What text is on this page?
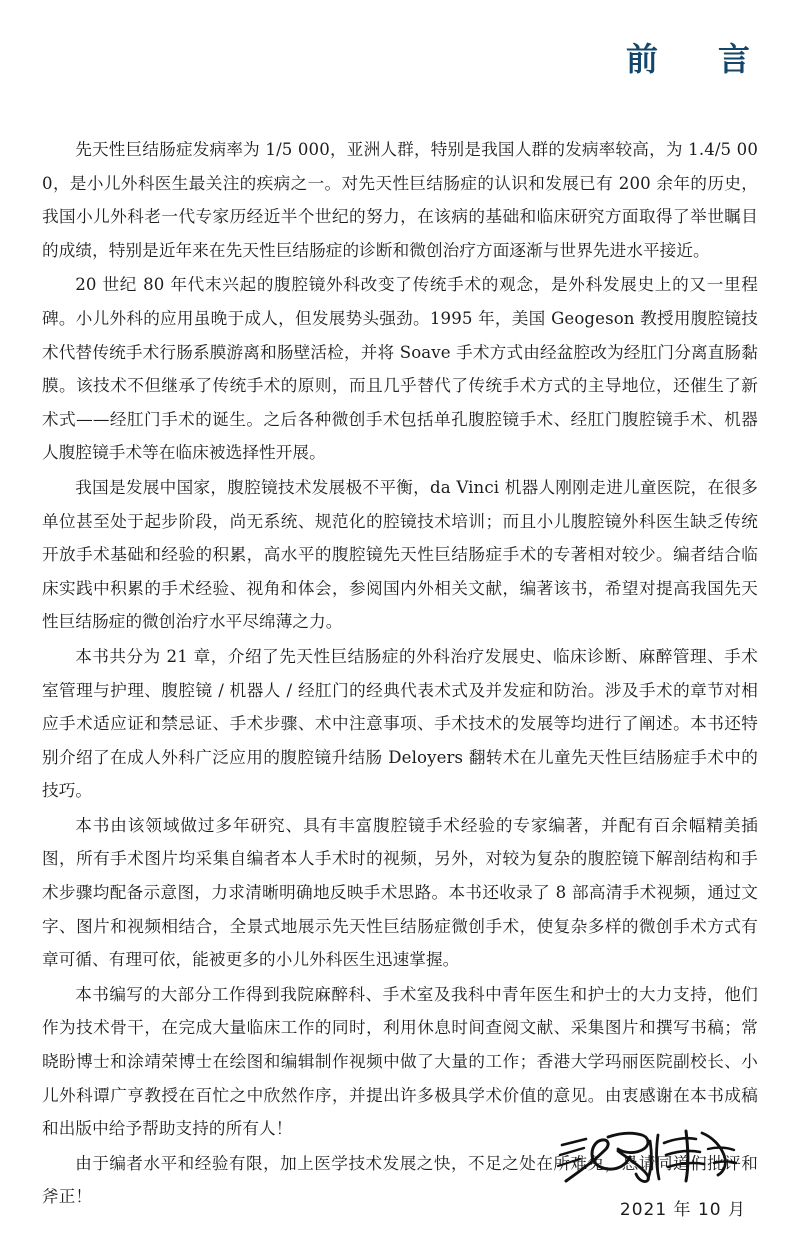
前　言

先天性巨结肠症发病率为 1/5 000，亚洲人群，特别是我国人群的发病率较高，为 1.4/5 000，是小儿外科医生最关注的疾病之一。对先天性巨结肠症的认识和发展已有 200 余年的历史，我国小儿外科老一代专家历经近半个世纪的努力，在该病的基础和临床研究方面取得了举世瞩目的成绩，特别是近年来在先天性巨结肠症的诊断和微创治疗方面逐渐与世界先进水平接近。

20 世纪 80 年代末兴起的腹腔镜外科改变了传统手术的观念，是外科发展史上的又一里程碑。小儿外科的应用虽晚于成人，但发展势头强劲。1995 年，美国 Geogeson 教授用腹腔镜技术代替传统手术行肠系膜游离和肠壁活检，并将 Soave 手术方式由经盆腔改为经肛门分离直肠黏膜。该技术不但继承了传统手术的原则，而且几乎替代了传统手术方式的主导地位，还催生了新术式——经肛门手术的诞生。之后各种微创手术包括单孔腹腔镜手术、经肛门腹腔镜手术、机器人腹腔镜手术等在临床被选择性开展。

我国是发展中国家，腹腔镜技术发展极不平衡，da Vinci 机器人刚刚走进儿童医院，在很多单位甚至处于起步阶段，尚无系统、规范化的腔镜技术培训；而且小儿腹腔镜外科医生缺乏传统开放手术基础和经验的积累，高水平的腹腔镜先天性巨结肠症手术的专著相对较少。编者结合临床实践中积累的手术经验、视角和体会，参阅国内外相关文献，编著该书，希望对提高我国先天性巨结肠症的微创治疗水平尽绵薄之力。

本书共分为 21 章，介绍了先天性巨结肠症的外科治疗发展史、临床诊断、麻醉管理、手术室管理与护理、腹腔镜 / 机器人 / 经肛门的经典代表术式及并发症和防治。涉及手术的章节对相应手术适应证和禁忌证、手术步骤、术中注意事项、手术技术的发展等均进行了阐述。本书还特别介绍了在成人外科广泛应用的腹腔镜升结肠 Deloyers 翻转术在儿童先天性巨结肠症手术中的技巧。

本书由该领域做过多年研究、具有丰富腹腔镜手术经验的专家编著，并配有百余幅精美插图，所有手术图片均采集自编者本人手术时的视频，另外，对较为复杂的腹腔镜下解剖结构和手术步骤均配备示意图，力求清晰明确地反映手术思路。本书还收录了 8 部高清手术视频，通过文字、图片和视频相结合，全景式地展示先天性巨结肠症微创手术，使复杂多样的微创手术方式有章可循、有理可依，能被更多的小儿外科医生迅速掌握。

本书编写的大部分工作得到我院麻醉科、手术室及我科中青年医生和护士的大力支持，他们作为技术骨干，在完成大量临床工作的同时，利用休息时间查阅文献、采集图片和撰写书稿；常晓盼博士和涂靖荣博士在绘图和编辑制作视频中做了大量的工作；香港大学玛丽医院副校长、小儿外科谭广亨教授在百忙之中欣然作序，并提出许多极具学术价值的意见。由衷感谢在本书成稿和出版中给予帮助支持的所有人！

由于编者水平和经验有限，加上医学技术发展之快，不足之处在所难免，恳请同道们批评和斧正！

2021 年 10 月
